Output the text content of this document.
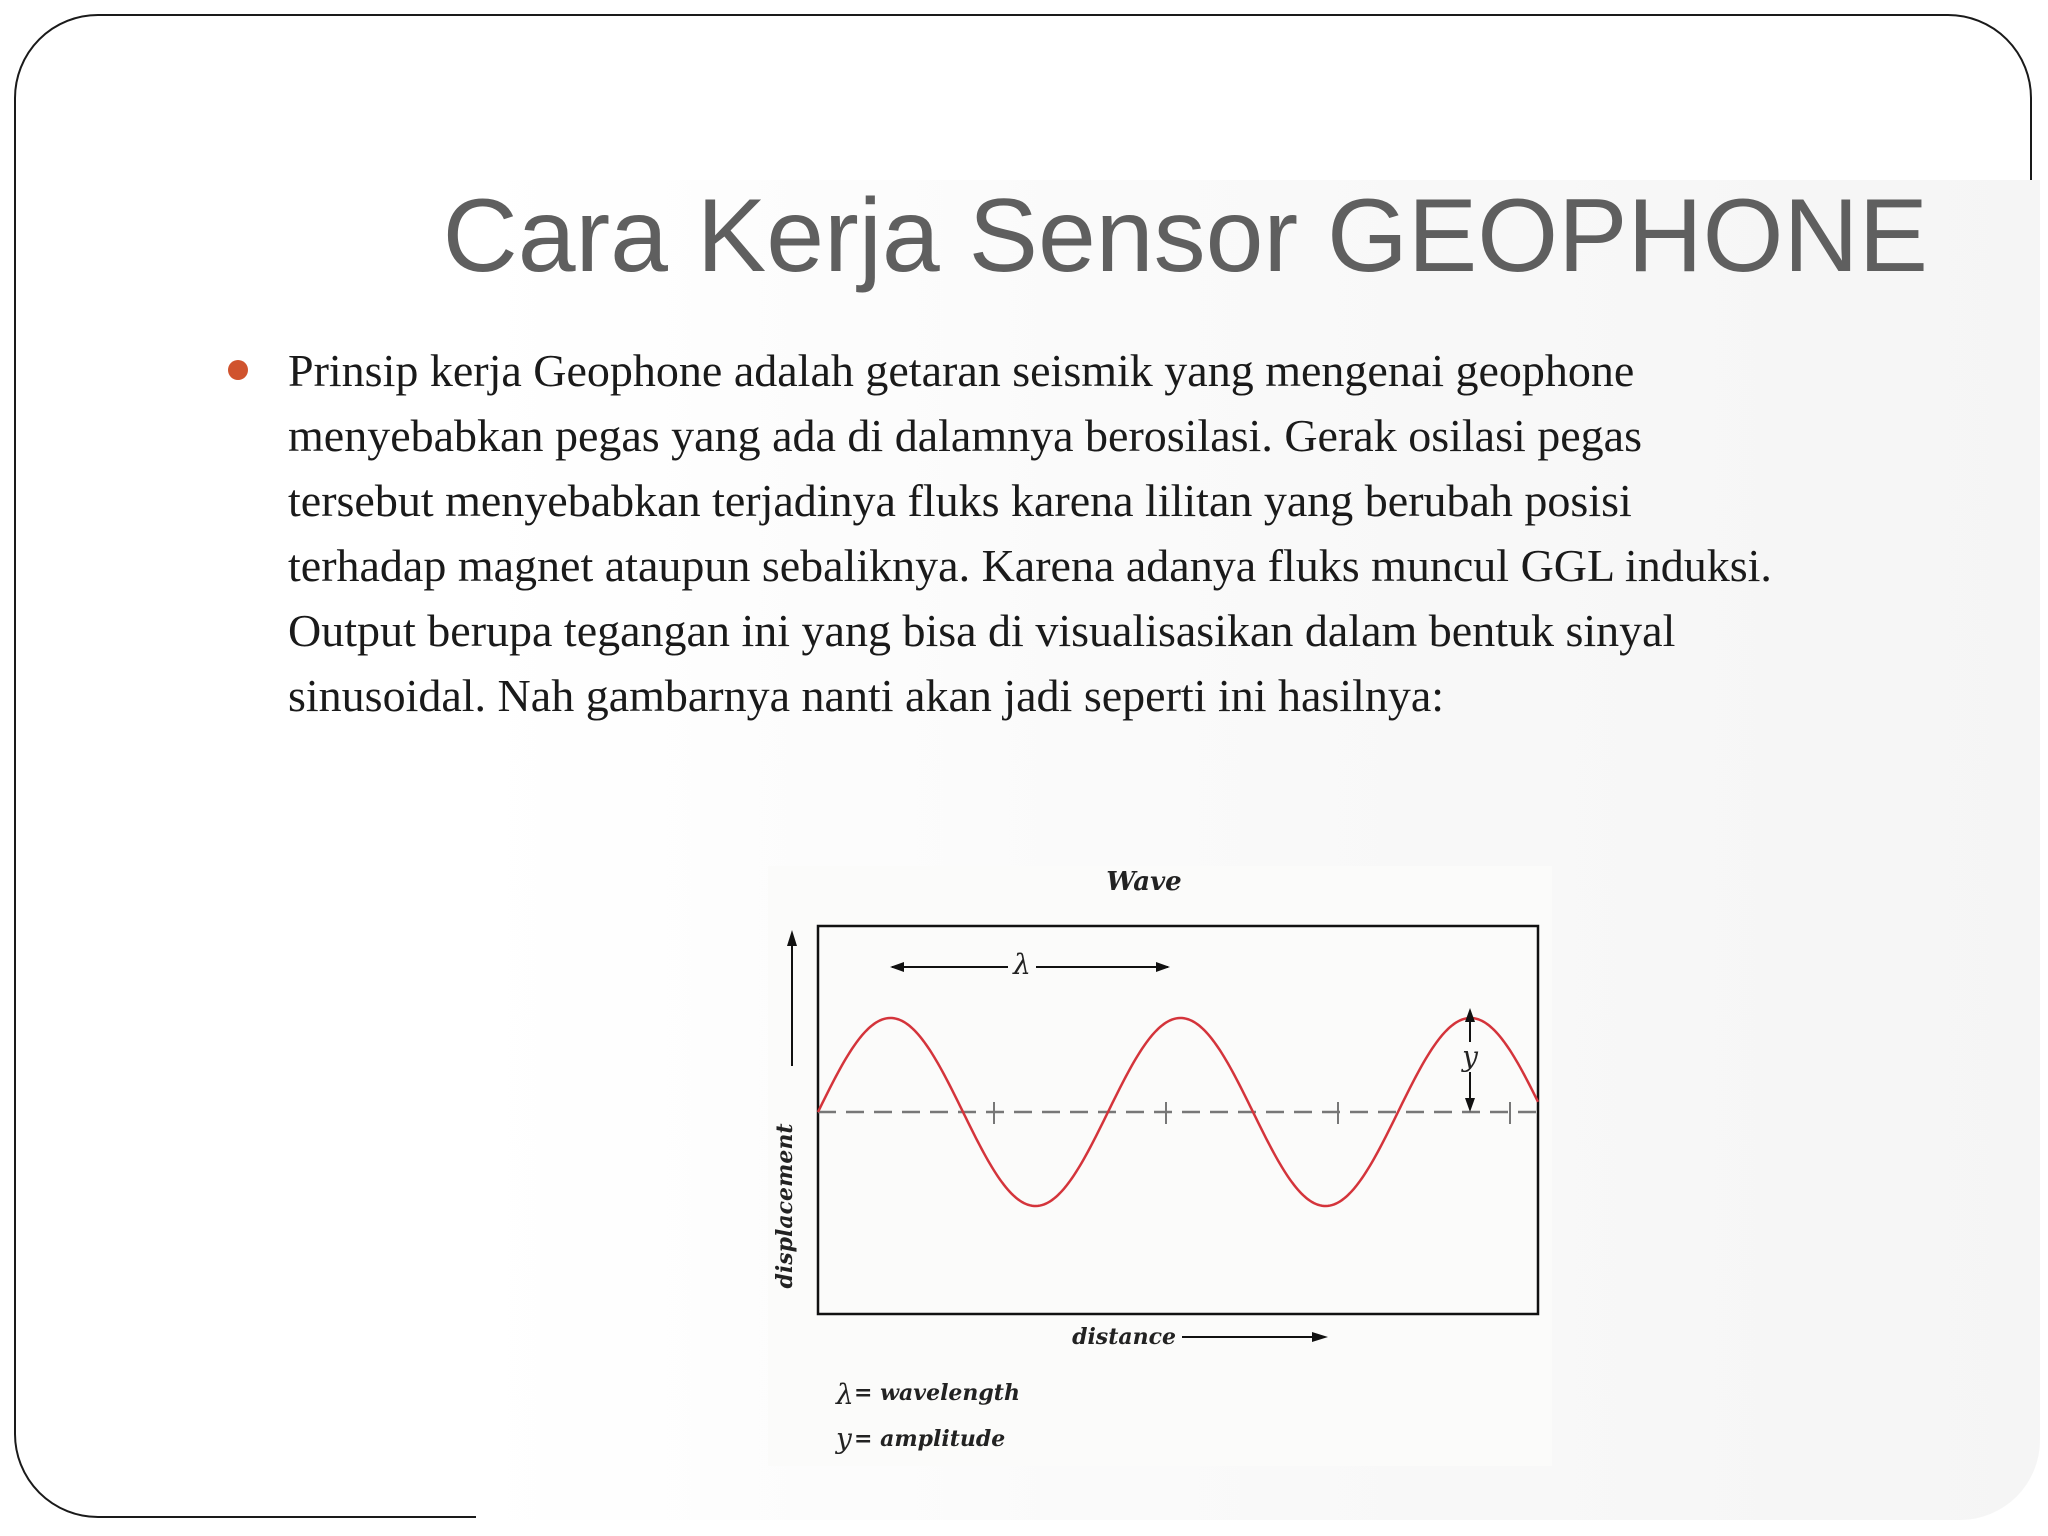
Cara Kerja Sensor GEOPHONE

Prinsip kerja Geophone adalah getaran seismik yang mengenai geophone
menyebabkan pegas yang ada di dalamnya berosilasi. Gerak osilasi pegas
tersebut menyebabkan terjadinya fluks karena lilitan yang berubah posisi
terhadap magnet ataupun sebaliknya. Karena adanya fluks muncul GGL induksi.
Output berupa tegangan ini yang bisa di visualisasikan dalam bentuk sinyal
sinusoidal. Nah gambarnya nanti akan jadi seperti ini hasilnya:

Wave
displacement
λ
y
distance
λ = wavelength
y = amplitude
